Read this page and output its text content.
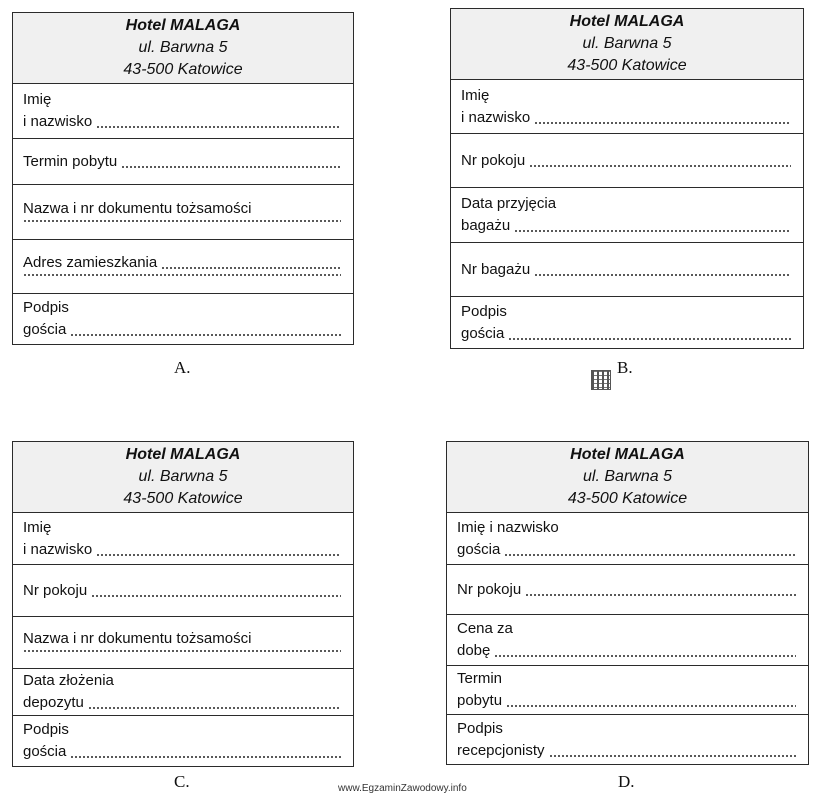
Hotel MALAGA
ul. Barwna 5
43-500 Katowice
Imię
i nazwisko
Termin pobytu
Nazwa i nr dokumentu tożsamości
Adres zamieszkania
Podpis
gościa
A.
Hotel MALAGA
ul. Barwna 5
43-500 Katowice
Imię
i nazwisko
Nr pokoju
Data przyjęcia
bagażu
Nr bagażu
Podpis
gościa
B.
Hotel MALAGA
ul. Barwna 5
43-500 Katowice
Imię
i nazwisko
Nr pokoju
Nazwa i nr dokumentu tożsamości
Data złożenia
depozytu
Podpis
gościa
C.
Hotel MALAGA
ul. Barwna 5
43-500 Katowice
Imię i nazwisko
gościa
Nr pokoju
Cena za
dobę
Termin
pobytu
Podpis
recepcjonisty
D.
www.EgzaminZawodowy.info
